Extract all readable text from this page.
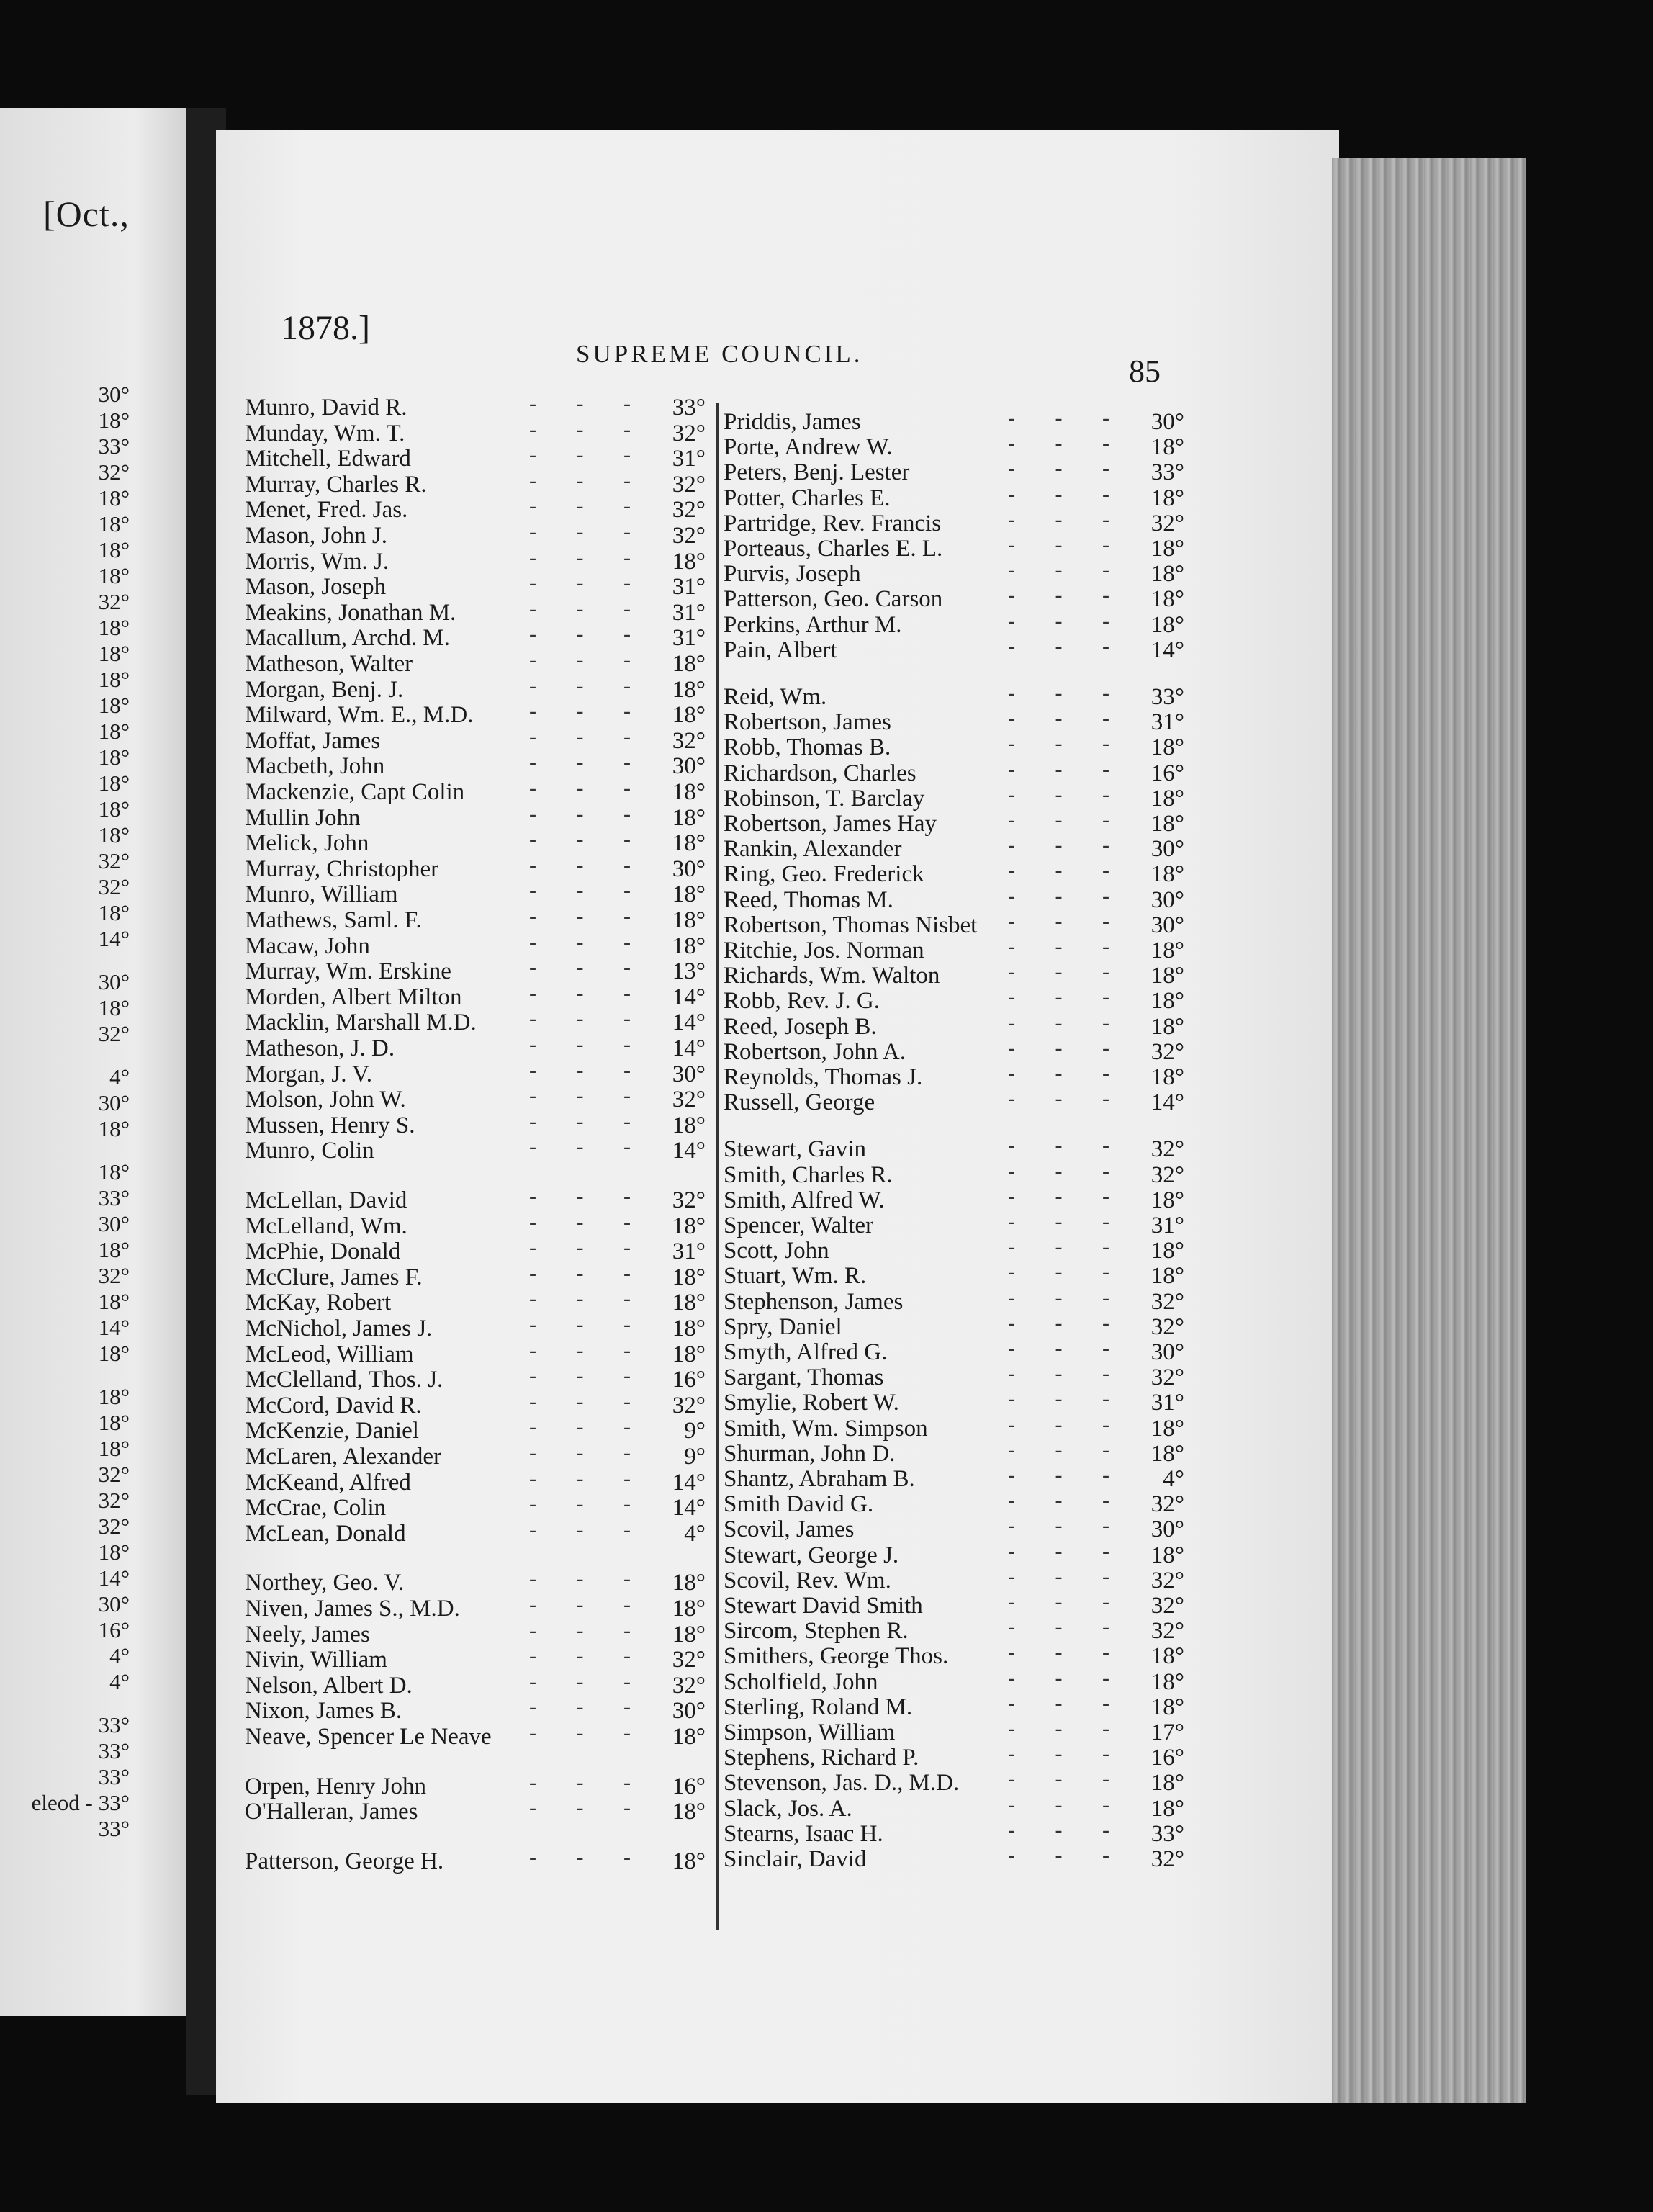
[Oct.,
30°
18°
33°
32°
18°
18°
18°
18°
32°
18°
18°
18°
18°
18°
18°
18°
18°
18°
32°
32°
18°
14°
30°
18°
32°
4°
30°
18°
18°
33°
30°
18°
32°
18°
14°
18°
18°
18°
18°
32°
32°
32°
18°
14°
30°
16°
4°
4°
33°
33°
33°
eleod - 33°
33°
1878.]
SUPREME COUNCIL.	85
Munro, David R.	- - - 33°
Munday, Wm. T.	- - - 32°
Mitchell, Edward	- - - 31°
Murray, Charles R.	- - - 32°
Menet, Fred. Jas.	- - - 32°
Mason, John J.	- - - 32°
Morris, Wm. J.	- - - 18°
Mason, Joseph	- - - 31°
Meakins, Jonathan M.	- - - 31°
Macallum, Archd. M.	- - - 31°
Matheson, Walter	- - - 18°
Morgan, Benj. J.	- - - 18°
Milward, Wm. E., M.D.	- - - 18°
Moffat, James	- - - 32°
Macbeth, John	- - - 30°
Mackenzie, Capt Colin	- - - 18°
Mullin John	- - - 18°
Melick, John	- - - 18°
Murray, Christopher	- - - 30°
Munro, William	- - - 18°
Mathews, Saml. F.	- - - 18°
Macaw, John	- - - 18°
Murray, Wm. Erskine	- - - 13°
Morden, Albert Milton	- - - 14°
Macklin, Marshall M.D. - - - 14°
Matheson, J. D.	- - - 14°
Morgan, J. V.	- - - 30°
Molson, John W.	- - - 32°
Mussen, Henry S.	- - - 18°
Munro, Colin	- - - 14°
McLellan, David	- - - 32°
McLelland, Wm.	- - - 18°
McPhie, Donald	- - - 31°
McClure, James F.	- - - 18°
McKay, Robert	- - - 18°
McNichol, James J.	- - - 18°
McLeod, William	- - - 18°
McClelland, Thos. J.	- - - 16°
McCord, David R.	- - - 32°
McKenzie, Daniel	- - - 9°
McLaren, Alexander	- - - 9°
McKeand, Alfred	- - - 14°
McCrae, Colin	- - - 14°
McLean, Donald	- - - 4°
Northey, Geo. V.	- - - 18°
Niven, James S., M.D.	- - - 18°
Neely, James	- - - 18°
Nivin, William	- - - 32°
Nelson, Albert D.	- - - 32°
Nixon, James B.	- - - 30°
Neave, Spencer Le Neave - - - 18°
Orpen, Henry John	- - - 16°
O'Halleran, James	- - - 18°
Patterson, George H.	- - - 18°
Priddis, James	- - - 30°
Porte, Andrew W.	- - - 18°
Peters, Benj. Lester	- - - 33°
Potter, Charles E.	- - - 18°
Partridge, Rev. Francis	- - - 32°
Porteaus, Charles E. L.	- - - 18°
Purvis, Joseph	- - - 18°
Patterson, Geo. Carson	- - - 18°
Perkins, Arthur M.	- - - 18°
Pain, Albert	- - - 14°
Reid, Wm.	- - - 33°
Robertson, James	- - - 31°
Robb, Thomas B.	- - - 18°
Richardson, Charles	- - - 16°
Robinson, T. Barclay	- - - 18°
Robertson, James Hay	- - - 18°
Rankin, Alexander	- - - 30°
Ring, Geo. Frederick	- - - 18°
Reed, Thomas M.	- - - 30°
Robertson, Thomas Nisbet - - - 30°
Ritchie, Jos. Norman	- - - 18°
Richards, Wm. Walton	- - - 18°
Robb, Rev. J. G.	- - - 18°
Reed, Joseph B.	- - - 18°
Robertson, John A.	- - - 32°
Reynolds, Thomas J.	- - - 18°
Russell, George	- - - 14°
Stewart, Gavin	- - - 32°
Smith, Charles R.	- - - 32°
Smith, Alfred W.	- - - 18°
Spencer, Walter	- - - 31°
Scott, John	- - - 18°
Stuart, Wm. R.	- - - 18°
Stephenson, James	- - - 32°
Spry, Daniel	- - - 32°
Smyth, Alfred G.	- - - 30°
Sargant, Thomas	- - - 32°
Smylie, Robert W.	- - - 31°
Smith, Wm. Simpson	- - - 18°
Shurman, John D.	- - - 18°
Shantz, Abraham B.	- - - 4°
Smith David G.	- - - 32°
Scovil, James	- - - 30°
Stewart, George J.	- - - 18°
Scovil, Rev. Wm.	- - - 32°
Stewart David Smith	- - - 32°
Sircom, Stephen R.	- - - 32°
Smithers, George Thos.	- - - 18°
Scholfield, John	- - - 18°
Sterling, Roland M.	- - - 18°
Simpson, William	- - - 17°
Stephens, Richard P.	- - - 16°
Stevenson, Jas. D., M.D. - - - 18°
Slack, Jos. A.	- - - 18°
Stearns, Isaac H.	- - - 33°
Sinclair, David	- - - 32°
